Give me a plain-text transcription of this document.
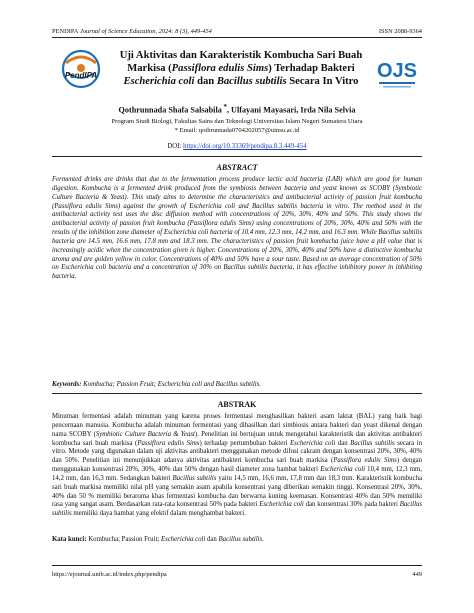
PENDIPA Journal of Science Education, 2024: 8 (3), 449-454	ISSN 2088-9364
PendIPA
Uji Aktivitas dan Karakteristik Kombucha Sari Buah
Markisa (Passiflora edulis Sims) Terhadap Bakteri
Escherichia coli dan Bacillus subtilis Secara In Vitro OJS
Qothrunnada Shafa Salsabila *, Ulfayani Mayasari, Irda Nila Selvia
Program Studi Biologi, Fakultas Sains dan Teknologi Universitas Islam Negeri Sumatera Utara
* Email: qothrunnada0704202057@uinsu.ac.id
DOI: https://doi.org/10.33369/pendipa.8.3.449-454
ABSTRACT

Fermented drinks are drinks that due to the fermentation process produce lactic acid bacteria (LAB) which are good for human digestion. Kombucha is a fermented drink produced from the symbiosis between bacteria and yeast known as SCOBY (Symbiotic Culture Bacteria & Yeast). This study aims to determine the characteristics and antibacterial activity of passion fruit kombucha (Passiflora edulis Sims) against the growth of Escherichia coli and Bacillus subtilis bacteria in vitro. The method used in the antibacterial activity test uses the disc diffusion method with concentrations of 20%, 30%, 40% and 50%. This study shows the antibacterial activity of passion fruit kombucha (Passiflora edulis Sims) using concentrations of 20%, 30%, 40% and 50% with the results of the inhibition zone diameter of Escherichia coli bacteria of 10.4 mm, 12.3 mm, 14.2 mm, and 16.3 mm. While Bacillus subtilis bacteria are 14.5 mm, 16.6 mm, 17.8 mm and 18.3 mm. The characteristics of passion fruit kombucha juice have a pH value that is increasingly acidic when the concentration given is higher. Concentrations of 20%, 30%, 40% and 50% have a distinctive kombucha aroma and are golden yellow in color. Concentrations of 40% and 50% have a sour taste. Based on an average concentration of 50% on Escherichia coli bacteria and a concentration of 30% on Bacillus subtilis bacteria, it has effective inhibitory power in inhibiting bacteria.

Keywords: Kombucha; Passion Fruit; Escherichia coli and Bacillus subtilis.
ABSTRAK

Minuman fermentasi adalah minuman yang karena proses fermentasi menghasilkan bakteri asam laktat (BAL) yang baik bagi pencernaan manusia. Kombucha adalah minuman fermentasi yang dihasilkan dari simbiosis antara bakteri dan yeast dikenal dengan nama SCOBY (Symbiotic Culture Bacteria & Yeast). Penelitian ini bertujuan untuk mengetahui karakteristik dan aktivitas antibakteri kombucha sari buah markisa (Passiflora edulis Sims) terhadap pertumbuhan bakteri Escherichia coli dan Bacillus subtilis secara in vitro. Metode yang digunakan dalam uji aktivitas antibakteri menggunakan metode difusi cakram dengan konsentrasi 20%, 30%, 40% dan 50%. Penelitian ini menunjukkan adanya aktivitas antibakteri kombucha sari buah markisa (Passiflora edulis Sims) dengan menggunakan konsentrasi 20%, 30%, 40% dan 50% dengan hasil diameter zona hambat bakteri Escherichia coli 10,4 mm, 12,3 mm, 14,2 mm, dan 16,3 mm. Sedangkan bakteri Bacillus subtilis yaitu 14,5 mm, 16,6 mm, 17,8 mm dan 18,3 mm. Karakteristik kombucha sari buah markisa memiliki nilai pH yang semakin asam apabila konsentrasi yang diberikan semakin tinggi. Konsentrasi 20%, 30%, 40% dan 50 % memiliki beraroma khas fermentasi kombucha dan berwarna kuning keemasan. Konsentrasi 40% dan 50% memiliki rasa yang sangat asam. Berdasarkan rata-rata konsentrasi 50% pada bakteri Escherichia coli dan konsentrasi 30% pada bakteri Bacillus subtilis memiliki daya hambat yang efektif dalam menghambat bakteri.

Kata kunci: Kombucha; Passion Fruit; Escherichia coli dan Bacillus subtilis.
https://ejournal.unib.ac.id/index.php/pendipa	449
